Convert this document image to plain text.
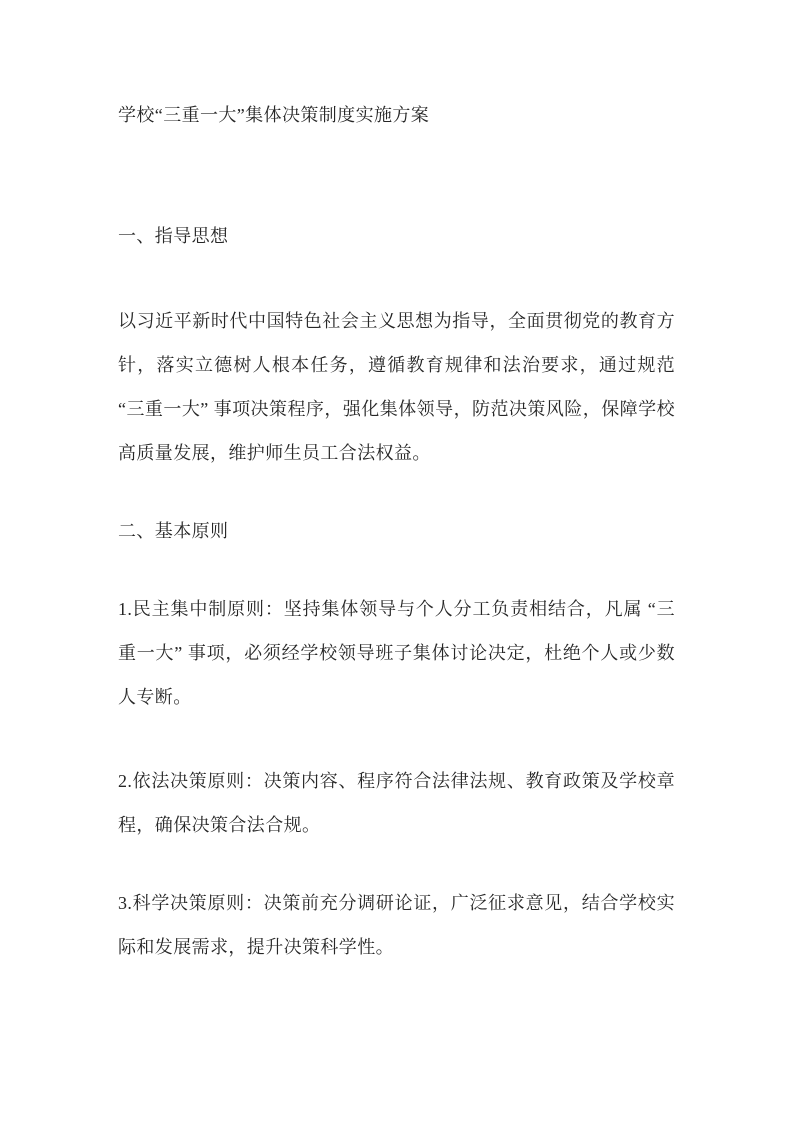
学校“三重一大”集体决策制度实施方案
一、指导思想

以习近平新时代中国特色社会主义思想为指导，全面贯彻党的教育方针，落实立德树人根本任务，遵循教育规律和法治要求，通过规范 “三重一大” 事项决策程序，强化集体领导，防范决策风险，保障学校高质量发展，维护师生员工合法权益。

二、基本原则

1.民主集中制原则：坚持集体领导与个人分工负责相结合，凡属 “三重一大” 事项，必须经学校领导班子集体讨论决定，杜绝个人或少数人专断。

2.依法决策原则：决策内容、程序符合法律法规、教育政策及学校章程，确保决策合法合规。

3.科学决策原则：决策前充分调研论证，广泛征求意见，结合学校实际和发展需求，提升决策科学性。
